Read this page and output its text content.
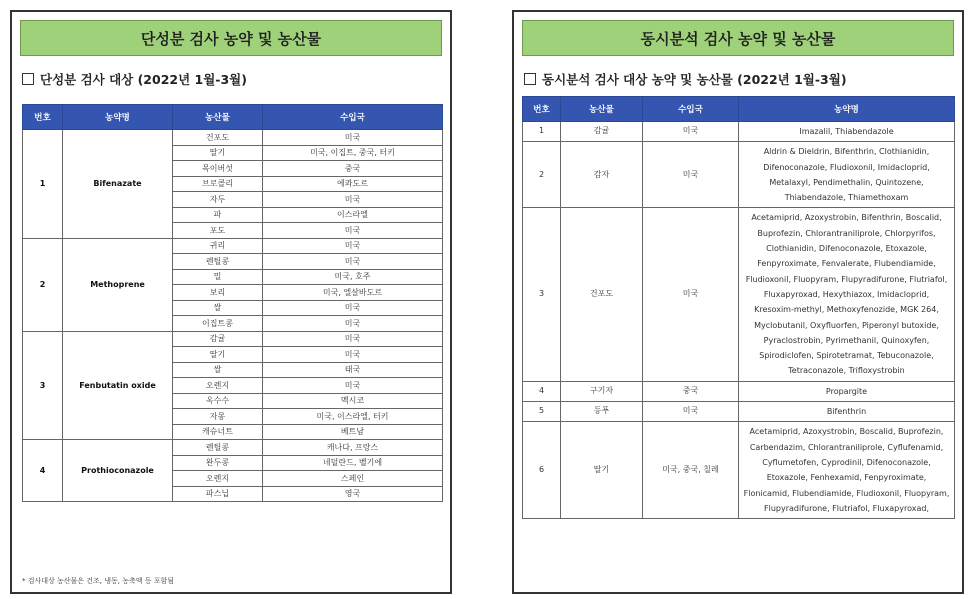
단성분 검사 농약 및 농산물
단성분 검사 대상 (2022년 1월-3월)
번호	농약명	농산물	수입국
1	Bifenazate	건포도	미국
		딸기	미국, 이집트, 중국, 터키
		목이버섯	중국
		브로콜리	에콰도르
		자두	미국
		파	이스라엘
		포도	미국
2	Methoprene	귀리	미국
		렌틸콩	미국
		밀	미국, 호주
		보리	미국, 엘살바도르
		쌀	미국
		이집트콩	미국
3	Fenbutatin oxide	감귤	미국
		딸기	미국
		쌀	태국
		오렌지	미국
		옥수수	멕시코
		자몽	미국, 이스라엘, 터키
		캐슈너트	베트남
4	Prothioconazole	렌틸콩	캐나다, 프랑스
		완두콩	네덜란드, 벨기에
		오렌지	스페인
		파스닙	영국
* 검사대상 농산물은 건조, 냉동, 농축액 등 포함됨
동시분석 검사 농약 및 농산물
동시분석 검사 대상 농약 및 농산물 (2022년 1월-3월)
번호	농산물	수입국	농약명
1	감귤	미국	Imazalil, Thiabendazole
2	감자	미국	Aldrin & Dieldrin, Bifenthrin, Clothianidin, Difenoconazole, Fludioxonil, Imidacloprid, Metalaxyl, Pendimethalin, Quintozene, Thiabendazole, Thiamethoxam
3	건포도	미국	Acetamiprid, Azoxystrobin, Bifenthrin, Boscalid, Buprofezin, Chlorantraniliprole, Chlorpyrifos, Clothianidin, Difenoconazole, Etoxazole, Fenpyroximate, Fenvalerate, Flubendiamide, Fludioxonil, Fluopyram, Flupyradifurone, Flutriafol, Fluxapyroxad, Hexythiazox, Imidacloprid, Kresoxim-methyl, Methoxyfenozide, MGK 264, Myclobutanil, Oxyfluorfen, Piperonyl butoxide, Pyraclostrobin, Pyrimethanil, Quinoxyfen, Spirodiclofen, Spirotetramat, Tebuconazole, Tetraconazole, Trifloxystrobin
4	구기자	중국	Propargite
5	등푸	미국	Bifenthrin
6	딸기	미국, 중국, 칠레	Acetamiprid, Azoxystrobin, Boscalid, Buprofezin, Carbendazim, Chlorantraniliprole, Cyflufenamid, Cyflumetofen, Cyprodinil, Difenoconazole, Etoxazole, Fenhexamid, Fenpyroximate, Flonicamid, Flubendiamide, Fludioxonil, Fluopyram, Flupyradifurone, Flutriafol, Fluxapyroxad,
